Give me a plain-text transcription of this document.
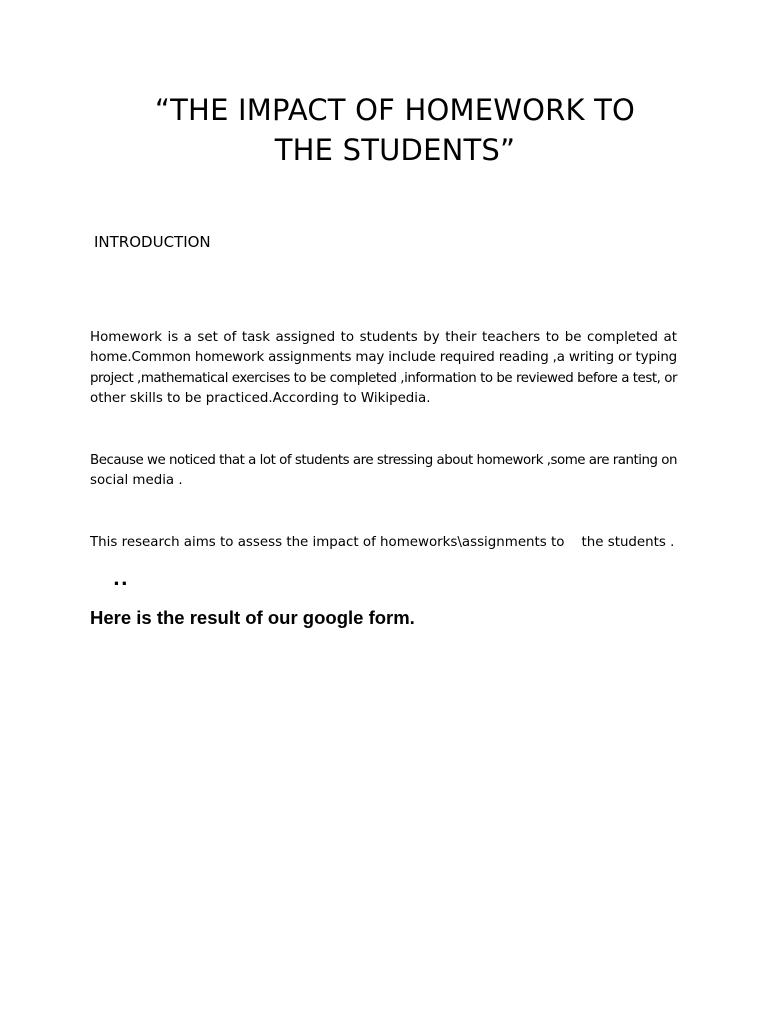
“THE IMPACT OF HOMEWORK TO
THE STUDENTS”
INTRODUCTION
Homework is a set of task assigned to students by their teachers to be completed at
home.Common homework assignments may include required reading ,a writing or typing
project ,mathematical exercises to be completed ,information to be reviewed before a test, or
other skills to be practiced.According to Wikipedia.
Because we noticed that a lot of students are stressing about homework ,some are ranting on
social media .
This research aims to assess the impact of homeworks\assignments to    the students .
..
Here is the result of our google form.
